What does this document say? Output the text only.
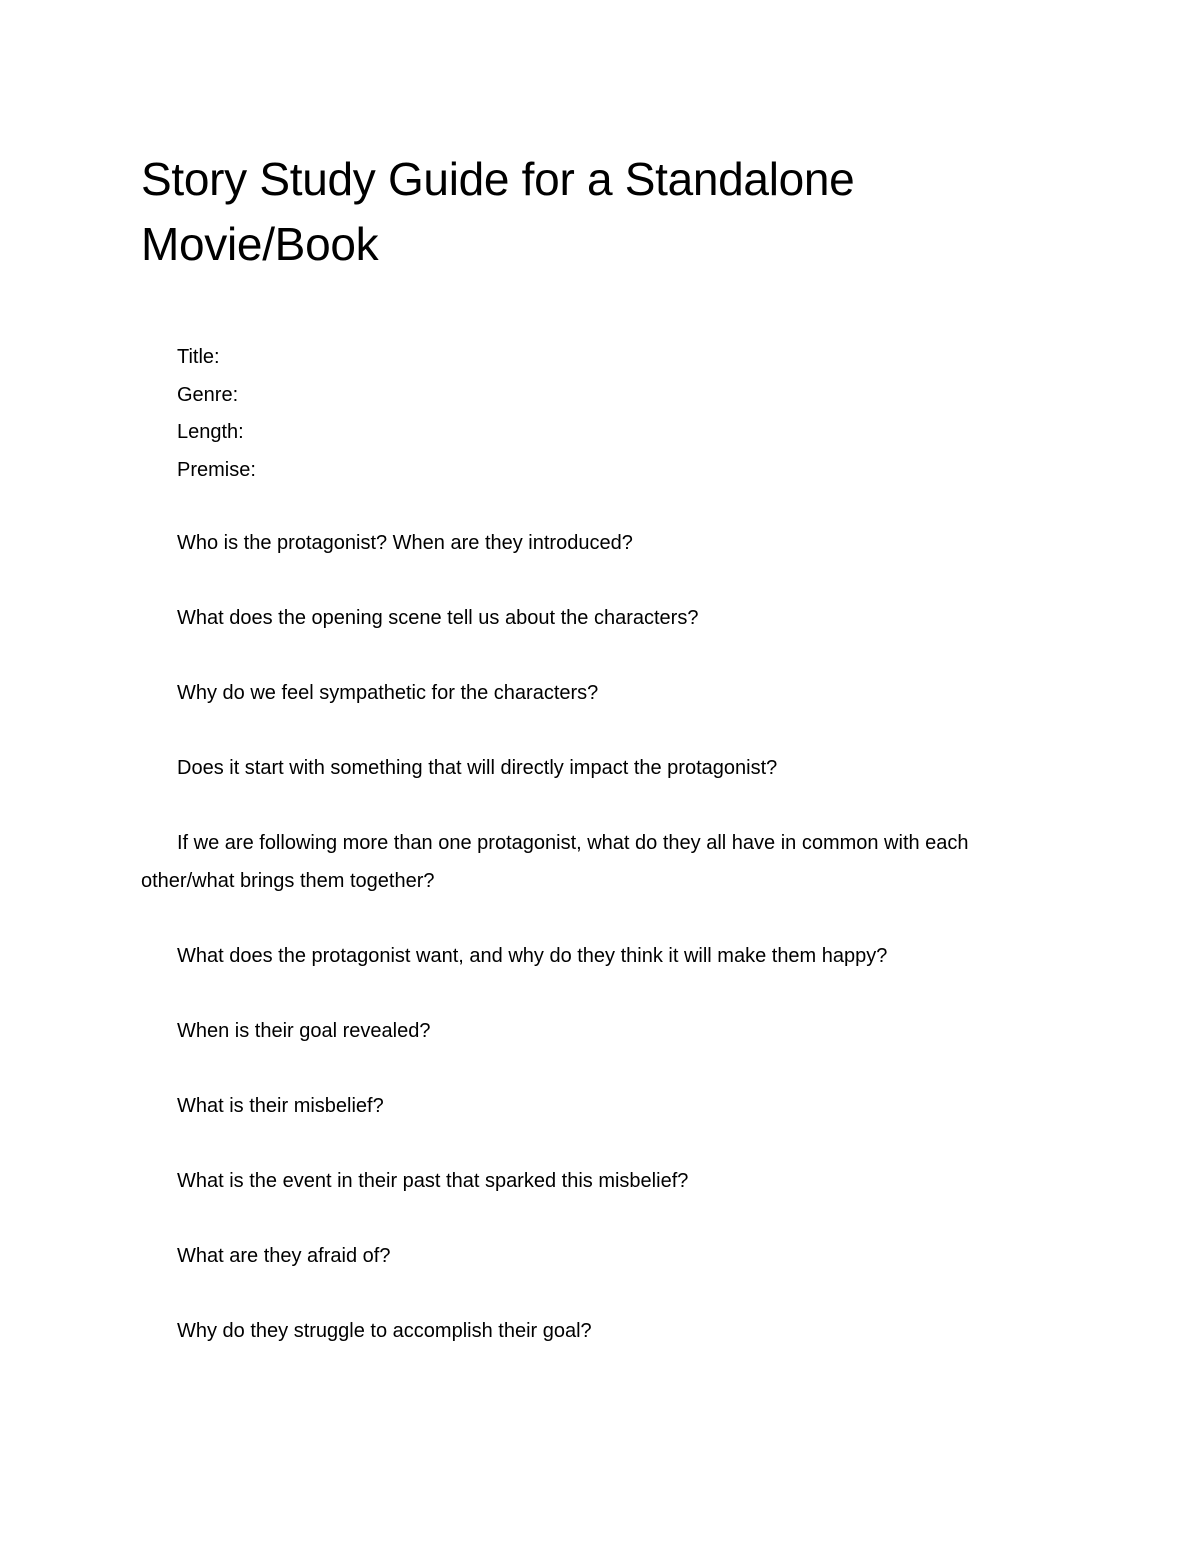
Story Study Guide for a Standalone Movie/Book
Title:
Genre:
Length:
Premise:

Who is the protagonist? When are they introduced?

What does the opening scene tell us about the characters?

Why do we feel sympathetic for the characters?

Does it start with something that will directly impact the protagonist?

If we are following more than one protagonist, what do they all have in common with each other/what brings them together?

What does the protagonist want, and why do they think it will make them happy?

When is their goal revealed?

What is their misbelief?

What is the event in their past that sparked this misbelief?

What are they afraid of?

Why do they struggle to accomplish their goal?
